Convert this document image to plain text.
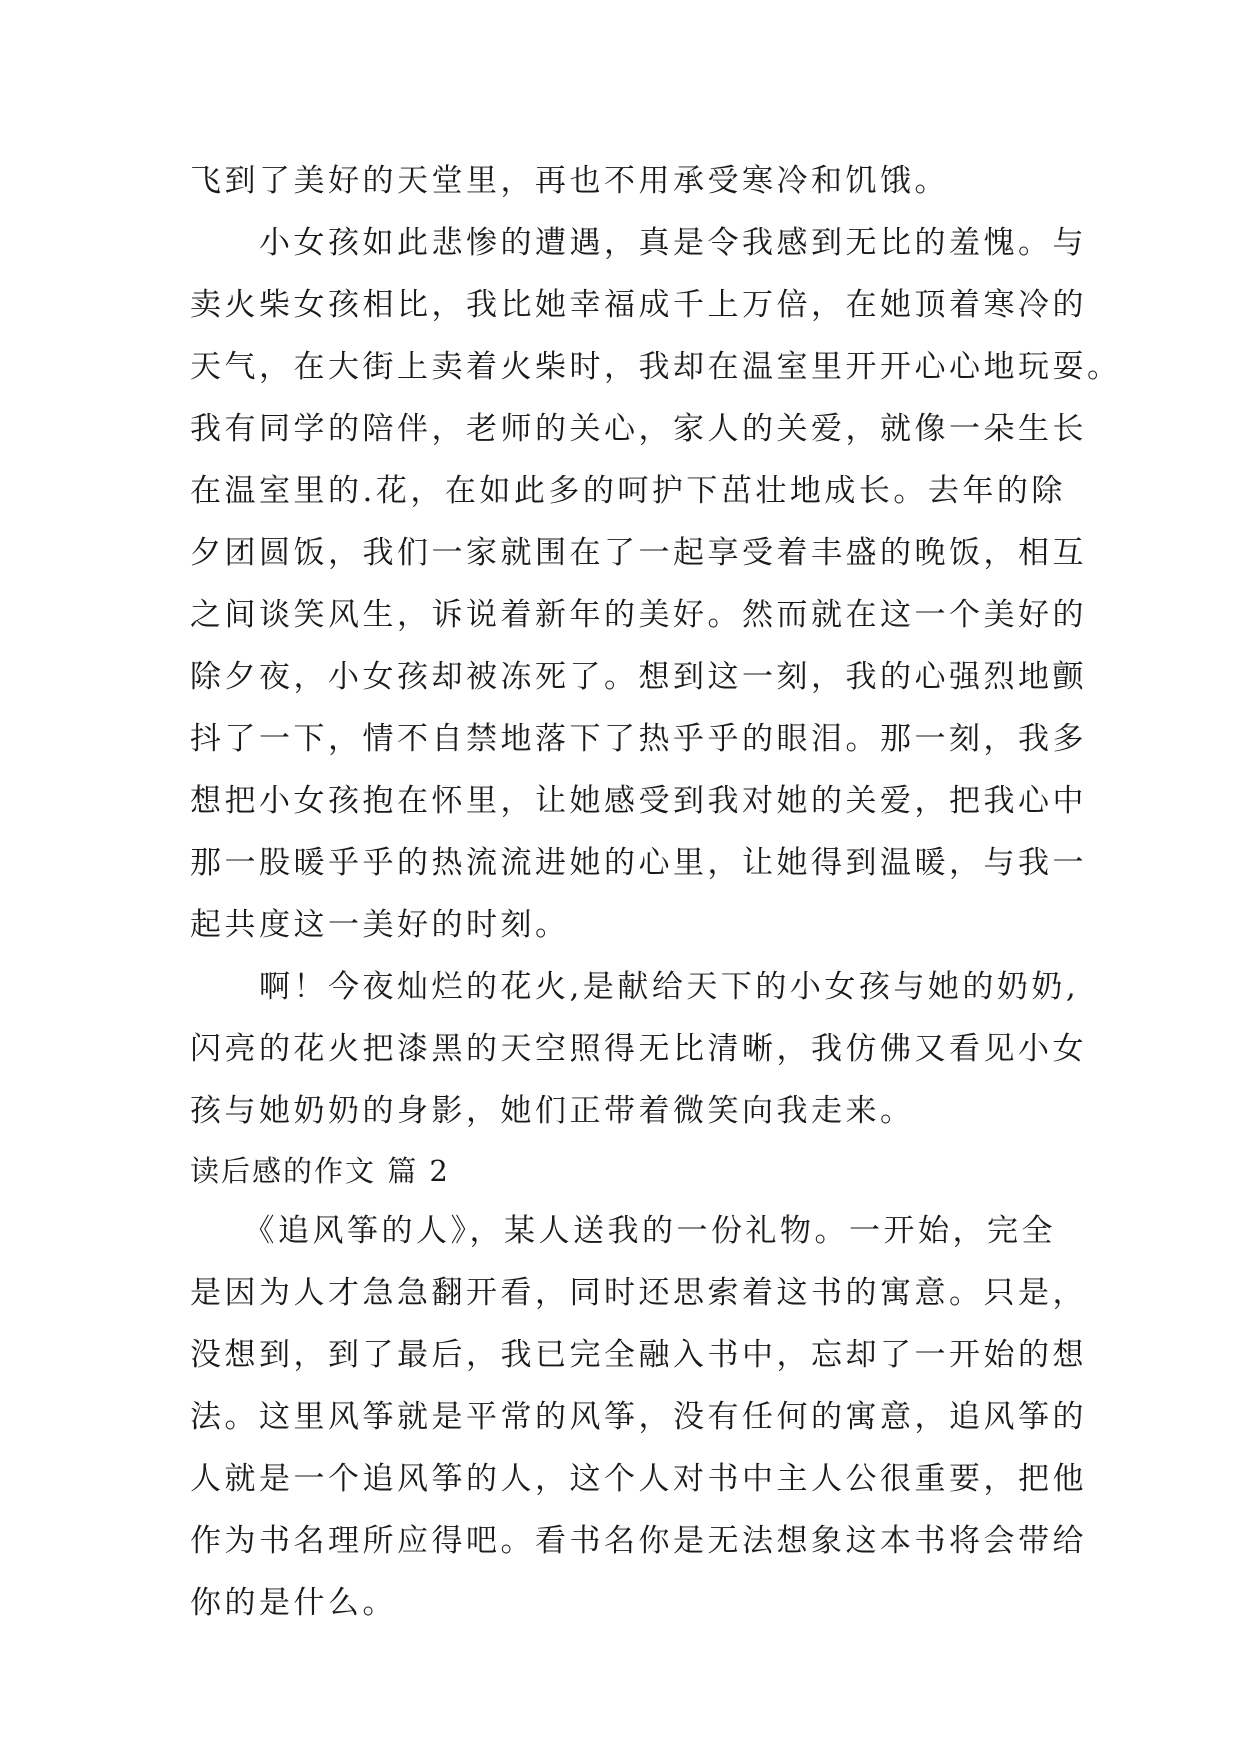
飞到了美好的天堂里，再也不用承受寒冷和饥饿。
　　小女孩如此悲惨的遭遇，真是令我感到无比的羞愧。与
卖火柴女孩相比，我比她幸福成千上万倍，在她顶着寒冷的
天气，在大街上卖着火柴时，我却在温室里开开心心地玩耍。
我有同学的陪伴，老师的关心，家人的关爱，就像一朵生长
在温室里的.花，在如此多的呵护下茁壮地成长。去年的除
夕团圆饭，我们一家就围在了一起享受着丰盛的晚饭，相互
之间谈笑风生，诉说着新年的美好。然而就在这一个美好的
除夕夜，小女孩却被冻死了。想到这一刻，我的心强烈地颤
抖了一下，情不自禁地落下了热乎乎的眼泪。那一刻，我多
想把小女孩抱在怀里，让她感受到我对她的关爱，把我心中
那一股暖乎乎的热流流进她的心里，让她得到温暖，与我一
起共度这一美好的时刻。
　　啊！今夜灿烂的花火,是献给天下的小女孩与她的奶奶,
闪亮的花火把漆黑的天空照得无比清晰，我仿佛又看见小女
孩与她奶奶的身影，她们正带着微笑向我走来。
读后感的作文 篇 2
　　《追风筝的人》，某人送我的一份礼物。一开始，完全
是因为人才急急翻开看，同时还思索着这书的寓意。只是，
没想到，到了最后，我已完全融入书中，忘却了一开始的想
法。这里风筝就是平常的风筝，没有任何的寓意，追风筝的
人就是一个追风筝的人，这个人对书中主人公很重要，把他
作为书名理所应得吧。看书名你是无法想象这本书将会带给
你的是什么。
